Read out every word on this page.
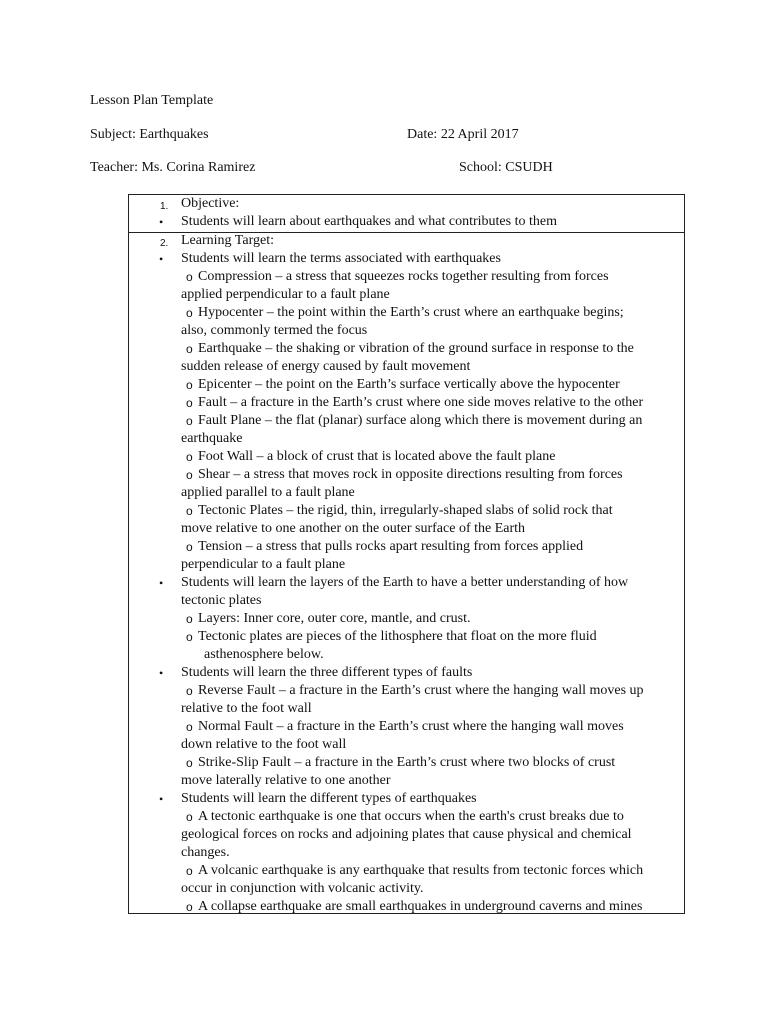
Lesson Plan Template
Subject: Earthquakes	Date: 22 April 2017
Teacher: Ms. Corina Ramirez	School: CSUDH
1. Objective:
• Students will learn about earthquakes and what contributes to them
2. Learning Target:
• Students will learn the terms associated with earthquakes
o Compression – a stress that squeezes rocks together resulting from forces
applied perpendicular to a fault plane
o Hypocenter – the point within the Earth’s crust where an earthquake begins;
also, commonly termed the focus
o Earthquake – the shaking or vibration of the ground surface in response to the
sudden release of energy caused by fault movement
o Epicenter – the point on the Earth’s surface vertically above the hypocenter
o Fault – a fracture in the Earth’s crust where one side moves relative to the other
o Fault Plane – the flat (planar) surface along which there is movement during an
earthquake
o Foot Wall – a block of crust that is located above the fault plane
o Shear – a stress that moves rock in opposite directions resulting from forces
applied parallel to a fault plane
o Tectonic Plates – the rigid, thin, irregularly-shaped slabs of solid rock that
move relative to one another on the outer surface of the Earth
o Tension – a stress that pulls rocks apart resulting from forces applied
perpendicular to a fault plane
• Students will learn the layers of the Earth to have a better understanding of how
tectonic plates
o Layers: Inner core, outer core, mantle, and crust.
o Tectonic plates are pieces of the lithosphere that float on the more fluid
asthenosphere below.
• Students will learn the three different types of faults
o Reverse Fault – a fracture in the Earth’s crust where the hanging wall moves up
relative to the foot wall
o Normal Fault – a fracture in the Earth’s crust where the hanging wall moves
down relative to the foot wall
o Strike-Slip Fault – a fracture in the Earth’s crust where two blocks of crust
move laterally relative to one another
• Students will learn the different types of earthquakes
o A tectonic earthquake is one that occurs when the earth's crust breaks due to
geological forces on rocks and adjoining plates that cause physical and chemical
changes.
o A volcanic earthquake is any earthquake that results from tectonic forces which
occur in conjunction with volcanic activity.
o A collapse earthquake are small earthquakes in underground caverns and mines
